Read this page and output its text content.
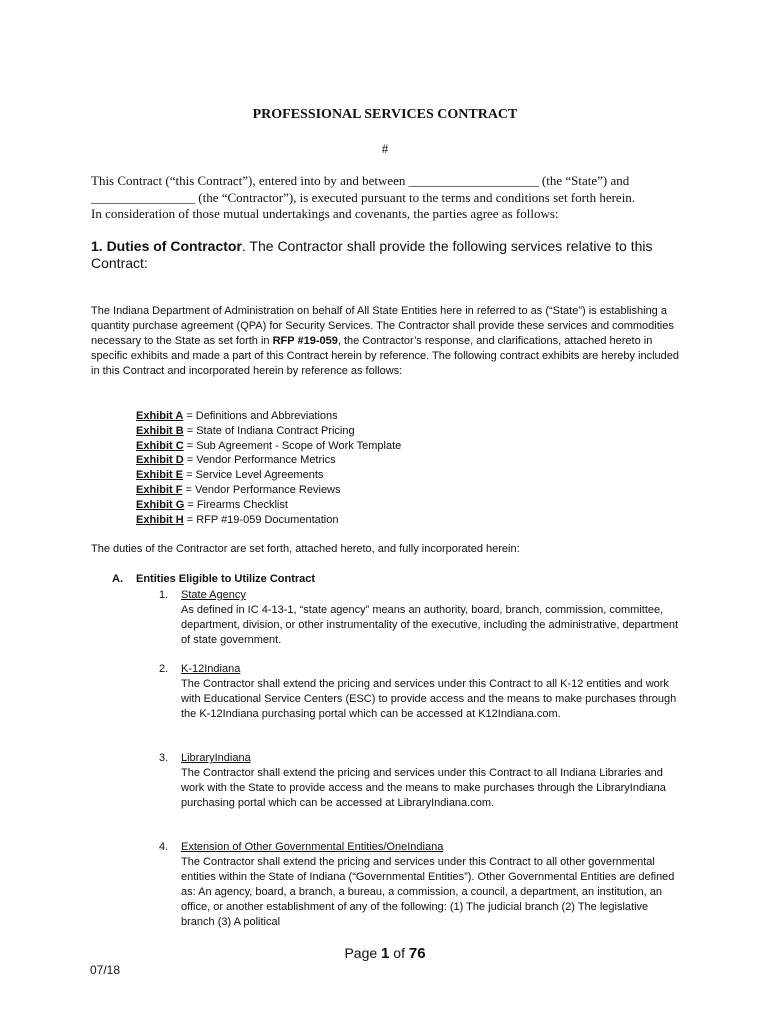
PROFESSIONAL SERVICES CONTRACT
#
This Contract (“this Contract”), entered into by and between ____________________ (the “State”) and
________________ (the “Contractor”), is executed pursuant to the terms and conditions set forth herein.
In consideration of those mutual undertakings and covenants, the parties agree as follows:
1. Duties of Contractor. The Contractor shall provide the following services relative to this Contract:
The Indiana Department of Administration on behalf of All State Entities here in referred to as (“State”) is establishing a quantity purchase agreement (QPA) for Security Services. The Contractor shall provide these services and commodities necessary to the State as set forth in RFP #19-059, the Contractor’s response, and clarifications, attached hereto in specific exhibits and made a part of this Contract herein by reference. The following contract exhibits are hereby included in this Contract and incorporated herein by reference as follows:
Exhibit A = Definitions and Abbreviations
Exhibit B = State of Indiana Contract Pricing
Exhibit C = Sub Agreement - Scope of Work Template
Exhibit D = Vendor Performance Metrics
Exhibit E = Service Level Agreements
Exhibit F = Vendor Performance Reviews
Exhibit G = Firearms Checklist
Exhibit H = RFP #19-059 Documentation
The duties of the Contractor are set forth, attached hereto, and fully incorporated herein:
A. Entities Eligible to Utilize Contract
1. State Agency
As defined in IC 4-13-1, “state agency” means an authority, board, branch, commission, committee, department, division, or other instrumentality of the executive, including the administrative, department of state government.
2. K-12Indiana
The Contractor shall extend the pricing and services under this Contract to all K-12 entities and work with Educational Service Centers (ESC) to provide access and the means to make purchases through the K-12Indiana purchasing portal which can be accessed at K12Indiana.com.
3. LibraryIndiana
The Contractor shall extend the pricing and services under this Contract to all Indiana Libraries and work with the State to provide access and the means to make purchases through the LibraryIndiana purchasing portal which can be accessed at LibraryIndiana.com.
4. Extension of Other Governmental Entities/OneIndiana
The Contractor shall extend the pricing and services under this Contract to all other governmental entities within the State of Indiana (“Governmental Entities”). Other Governmental Entities are defined as: An agency, board, a branch, a bureau, a commission, a council, a department, an institution, an office, or another establishment of any of the following: (1) The judicial branch (2) The legislative branch (3) A political
Page 1 of 76
07/18
